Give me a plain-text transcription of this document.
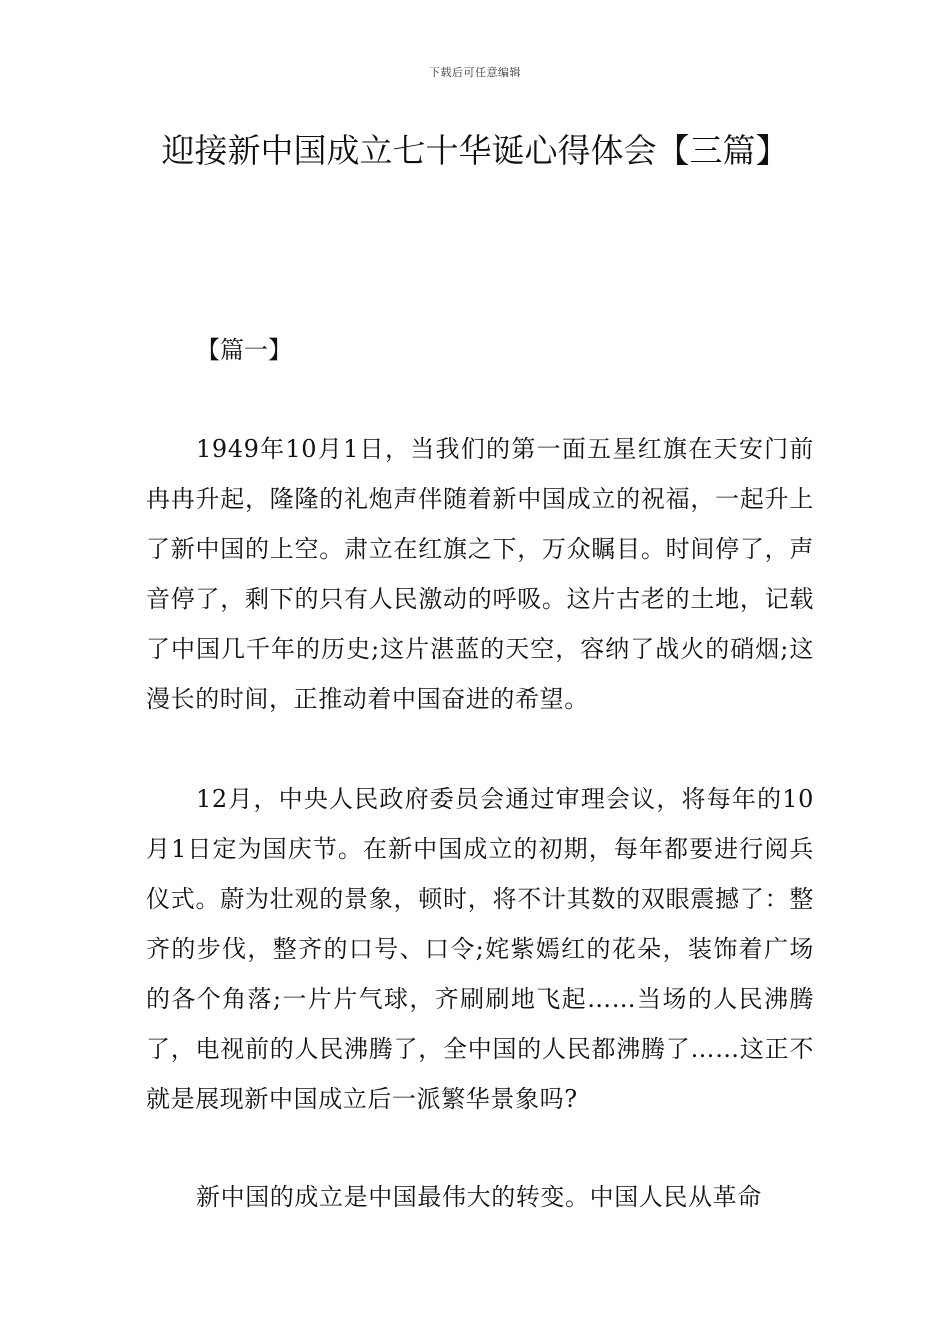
下载后可任意编辑
迎接新中国成立七十华诞心得体会【三篇】
【篇一】

1949年10月1日，当我们的第一面五星红旗在天安门前冉冉升起，隆隆的礼炮声伴随着新中国成立的祝福，一起升上了新中国的上空。肃立在红旗之下，万众瞩目。时间停了，声音停了，剩下的只有人民激动的呼吸。这片古老的土地，记载了中国几千年的历史;这片湛蓝的天空，容纳了战火的硝烟;这漫长的时间，正推动着中国奋进的希望。

12月，中央人民政府委员会通过审理会议，将每年的10月1日定为国庆节。在新中国成立的初期，每年都要进行阅兵仪式。蔚为壮观的景象，顿时，将不计其数的双眼震撼了：整齐的步伐，整齐的口号、口令;姹紫嫣红的花朵，装饰着广场的各个角落;一片片气球，齐刷刷地飞起……当场的人民沸腾了，电视前的人民沸腾了，全中国的人民都沸腾了……这正不就是展现新中国成立后一派繁华景象吗?

新中国的成立是中国最伟大的转变。中国人民从革命
